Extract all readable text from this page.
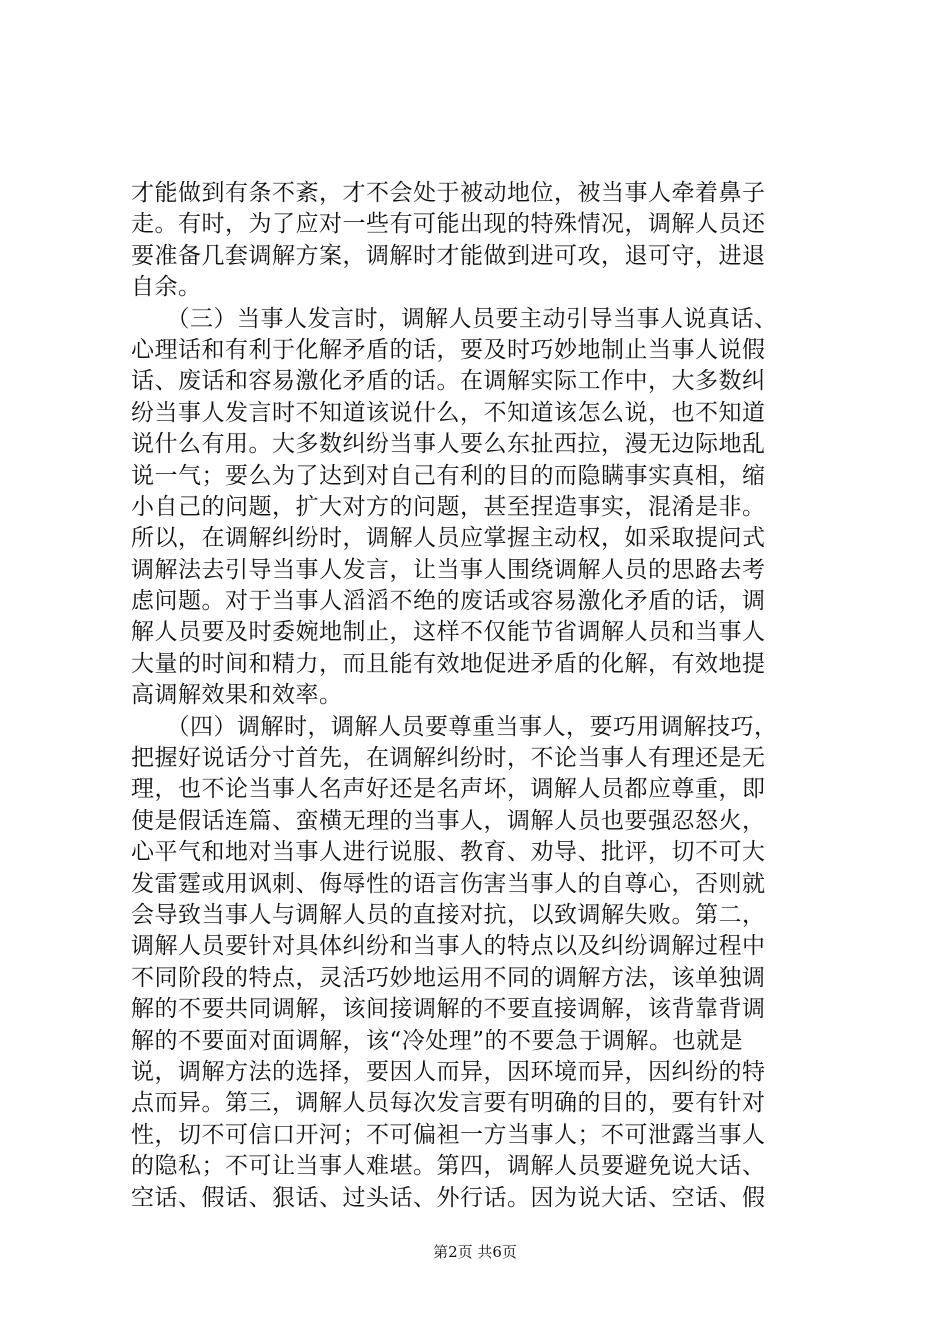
才能做到有条不紊，才不会处于被动地位，被当事人牵着鼻子
走。有时，为了应对一些有可能出现的特殊情况，调解人员还
要准备几套调解方案，调解时才能做到进可攻，退可守，进退
自余。
　　（三）当事人发言时，调解人员要主动引导当事人说真话、
心理话和有利于化解矛盾的话，要及时巧妙地制止当事人说假
话、废话和容易激化矛盾的话。在调解实际工作中，大多数纠
纷当事人发言时不知道该说什么，不知道该怎么说，也不知道
说什么有用。大多数纠纷当事人要么东扯西拉，漫无边际地乱
说一气；要么为了达到对自己有利的目的而隐瞒事实真相，缩
小自己的问题，扩大对方的问题，甚至捏造事实，混淆是非。
所以，在调解纠纷时，调解人员应掌握主动权，如采取提问式
调解法去引导当事人发言，让当事人围绕调解人员的思路去考
虑问题。对于当事人滔滔不绝的废话或容易激化矛盾的话，调
解人员要及时委婉地制止，这样不仅能节省调解人员和当事人
大量的时间和精力，而且能有效地促进矛盾的化解，有效地提
高调解效果和效率。
　　（四）调解时，调解人员要尊重当事人，要巧用调解技巧，
把握好说话分寸首先，在调解纠纷时，不论当事人有理还是无
理，也不论当事人名声好还是名声坏，调解人员都应尊重，即
使是假话连篇、蛮横无理的当事人，调解人员也要强忍怒火，
心平气和地对当事人进行说服、教育、劝导、批评，切不可大
发雷霆或用讽刺、侮辱性的语言伤害当事人的自尊心，否则就
会导致当事人与调解人员的直接对抗，以致调解失败。第二，
调解人员要针对具体纠纷和当事人的特点以及纠纷调解过程中
不同阶段的特点，灵活巧妙地运用不同的调解方法，该单独调
解的不要共同调解，该间接调解的不要直接调解，该背靠背调
解的不要面对面调解，该“冷处理”的不要急于调解。也就是
说，调解方法的选择，要因人而异，因环境而异，因纠纷的特
点而异。第三，调解人员每次发言要有明确的目的，要有针对
性，切不可信口开河；不可偏袒一方当事人；不可泄露当事人
的隐私；不可让当事人难堪。第四，调解人员要避免说大话、
空话、假话、狠话、过头话、外行话。因为说大话、空话、假
第2页 共6页
